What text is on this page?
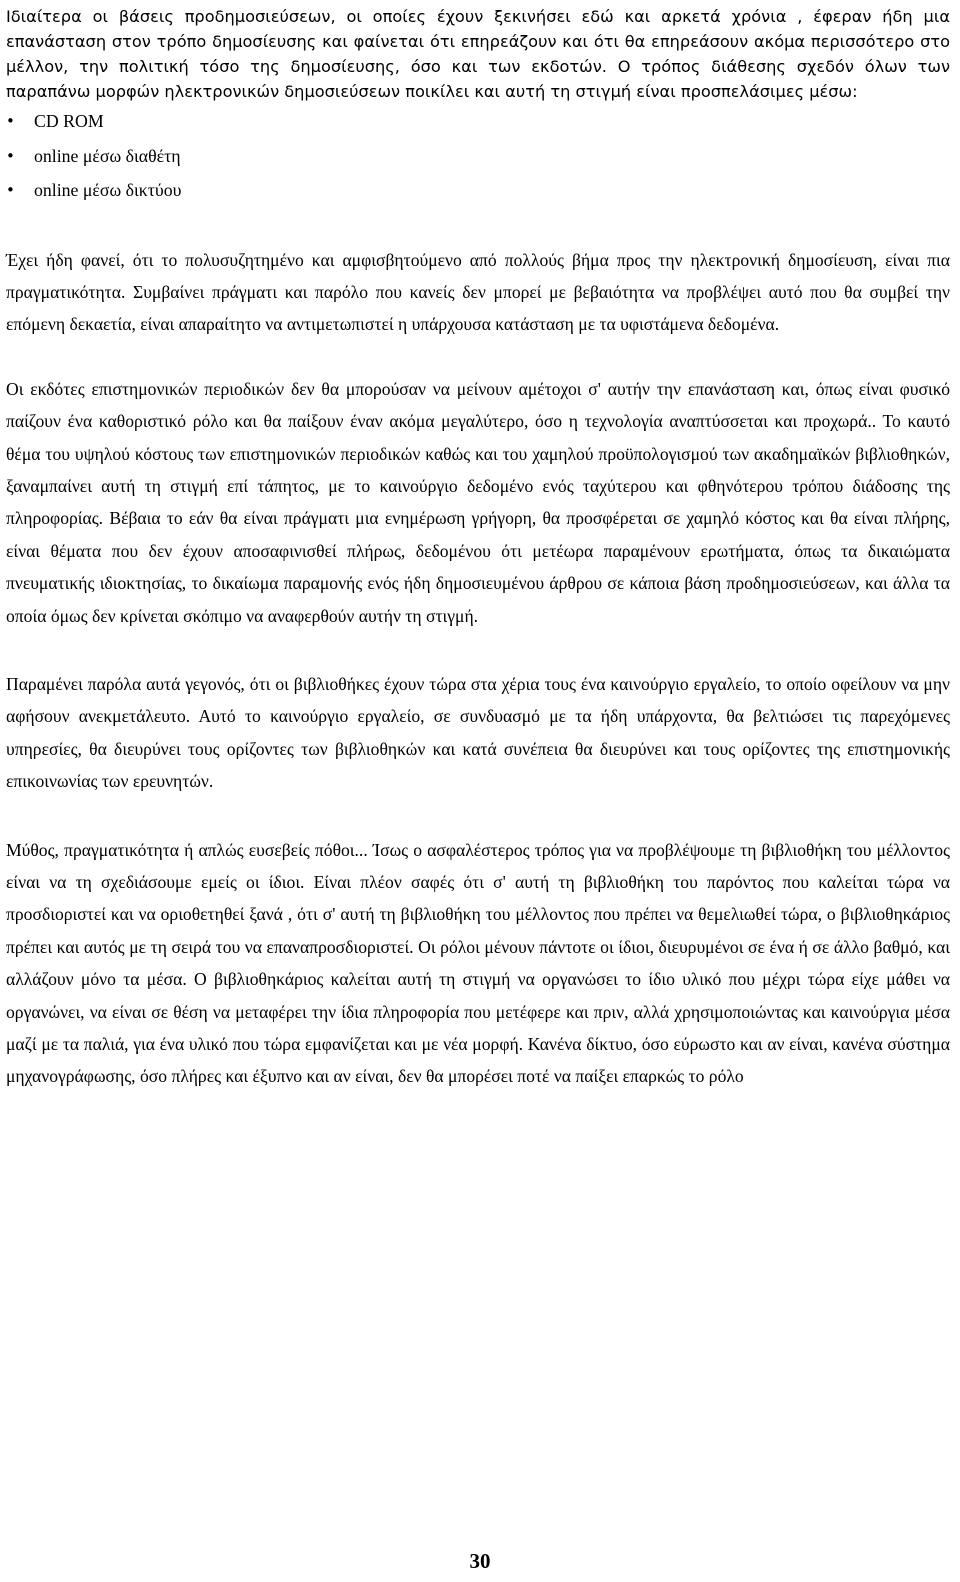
Ιδιαίτερα οι βάσεις προδημοσιεύσεων, οι οποίες έχουν ξεκινήσει εδώ και αρκετά χρόνια , έφεραν ήδη μια επανάσταση στον τρόπο δημοσίευσης και φαίνεται ότι επηρεάζουν και ότι θα επηρεάσουν ακόμα περισσότερο στο μέλλον, την πολιτική τόσο της δημοσίευσης, όσο και των εκδοτών. Ο τρόπος διάθεσης σχεδόν όλων των παραπάνω μορφών ηλεκτρονικών δημοσιεύσεων ποικίλει και αυτή τη στιγμή είναι προσπελάσιμες μέσω:

• CD ROM
• online μέσω διαθέτη
• online μέσω δικτύου

Έχει ήδη φανεί, ότι το πολυσυζητημένο και αμφισβητούμενο από πολλούς βήμα προς την ηλεκτρονική δημοσίευση, είναι πια πραγματικότητα. Συμβαίνει πράγματι και παρόλο που κανείς δεν μπορεί με βεβαιότητα να προβλέψει αυτό που θα συμβεί την επόμενη δεκαετία, είναι απαραίτητο να αντιμετωπιστεί η υπάρχουσα κατάσταση με τα υφιστάμενα δεδομένα.

Οι εκδότες επιστημονικών περιοδικών δεν θα μπορούσαν να μείνουν αμέτοχοι σ' αυτήν την επανάσταση και, όπως είναι φυσικό παίζουν ένα καθοριστικό ρόλο και θα παίξουν έναν ακόμα μεγαλύτερο, όσο η τεχνολογία αναπτύσσεται και προχωρά.. Το καυτό θέμα του υψηλού κόστους των επιστημονικών περιοδικών καθώς και του χαμηλού προϋπολογισμού των ακαδημαϊκών βιβλιοθηκών, ξαναμπαίνει αυτή τη στιγμή επί τάπητος, με το καινούργιο δεδομένο ενός ταχύτερου και φθηνότερου τρόπου διάδοσης της πληροφορίας. Βέβαια το εάν θα είναι πράγματι μια ενημέρωση γρήγορη, θα προσφέρεται σε χαμηλό κόστος και θα είναι πλήρης, είναι θέματα που δεν έχουν αποσαφινισθεί πλήρως, δεδομένου ότι μετέωρα παραμένουν ερωτήματα, όπως τα δικαιώματα πνευματικής ιδιοκτησίας, το δικαίωμα παραμονής ενός ήδη δημοσιευμένου άρθρου σε κάποια βάση προδημοσιεύσεων, και άλλα τα οποία όμως δεν κρίνεται σκόπιμο να αναφερθούν αυτήν τη στιγμή.

Παραμένει παρόλα αυτά γεγονός, ότι οι βιβλιοθήκες έχουν τώρα στα χέρια τους ένα καινούργιο εργαλείο, το οποίο οφείλουν να μην αφήσουν ανεκμετάλευτο. Αυτό το καινούργιο εργαλείο, σε συνδυασμό με τα ήδη υπάρχοντα, θα βελτιώσει τις παρεχόμενες υπηρεσίες, θα διευρύνει τους ορίζοντες των βιβλιοθηκών και κατά συνέπεια θα διευρύνει και τους ορίζοντες της επιστημονικής επικοινωνίας των ερευνητών.

Μύθος, πραγματικότητα ή απλώς ευσεβείς πόθοι... Ίσως ο ασφαλέστερος τρόπος για να προβλέψουμε τη βιβλιοθήκη του μέλλοντος είναι να τη σχεδιάσουμε εμείς οι ίδιοι. Είναι πλέον σαφές ότι σ' αυτή τη βιβλιοθήκη του παρόντος που καλείται τώρα να προσδιοριστεί και να οριοθετηθεί ξανά , ότι σ' αυτή τη βιβλιοθήκη του μέλλοντος που πρέπει να θεμελιωθεί τώρα, ο βιβλιοθηκάριος πρέπει και αυτός με τη σειρά του να επαναπροσδιοριστεί. Οι ρόλοι μένουν πάντοτε οι ίδιοι, διευρυμένοι σε ένα ή σε άλλο βαθμό, και αλλάζουν μόνο τα μέσα. Ο βιβλιοθηκάριος καλείται αυτή τη στιγμή να οργανώσει το ίδιο υλικό που μέχρι τώρα είχε μάθει να οργανώνει, να είναι σε θέση να μεταφέρει την ίδια πληροφορία που μετέφερε και πριν, αλλά χρησιμοποιώντας και καινούργια μέσα μαζί με τα παλιά, για ένα υλικό που τώρα εμφανίζεται και με νέα μορφή. Κανένα δίκτυο, όσο εύρωστο και αν είναι, κανένα σύστημα μηχανογράφωσης, όσο πλήρες και έξυπνο και αν είναι, δεν θα μπορέσει ποτέ να παίξει επαρκώς το ρόλο

30
